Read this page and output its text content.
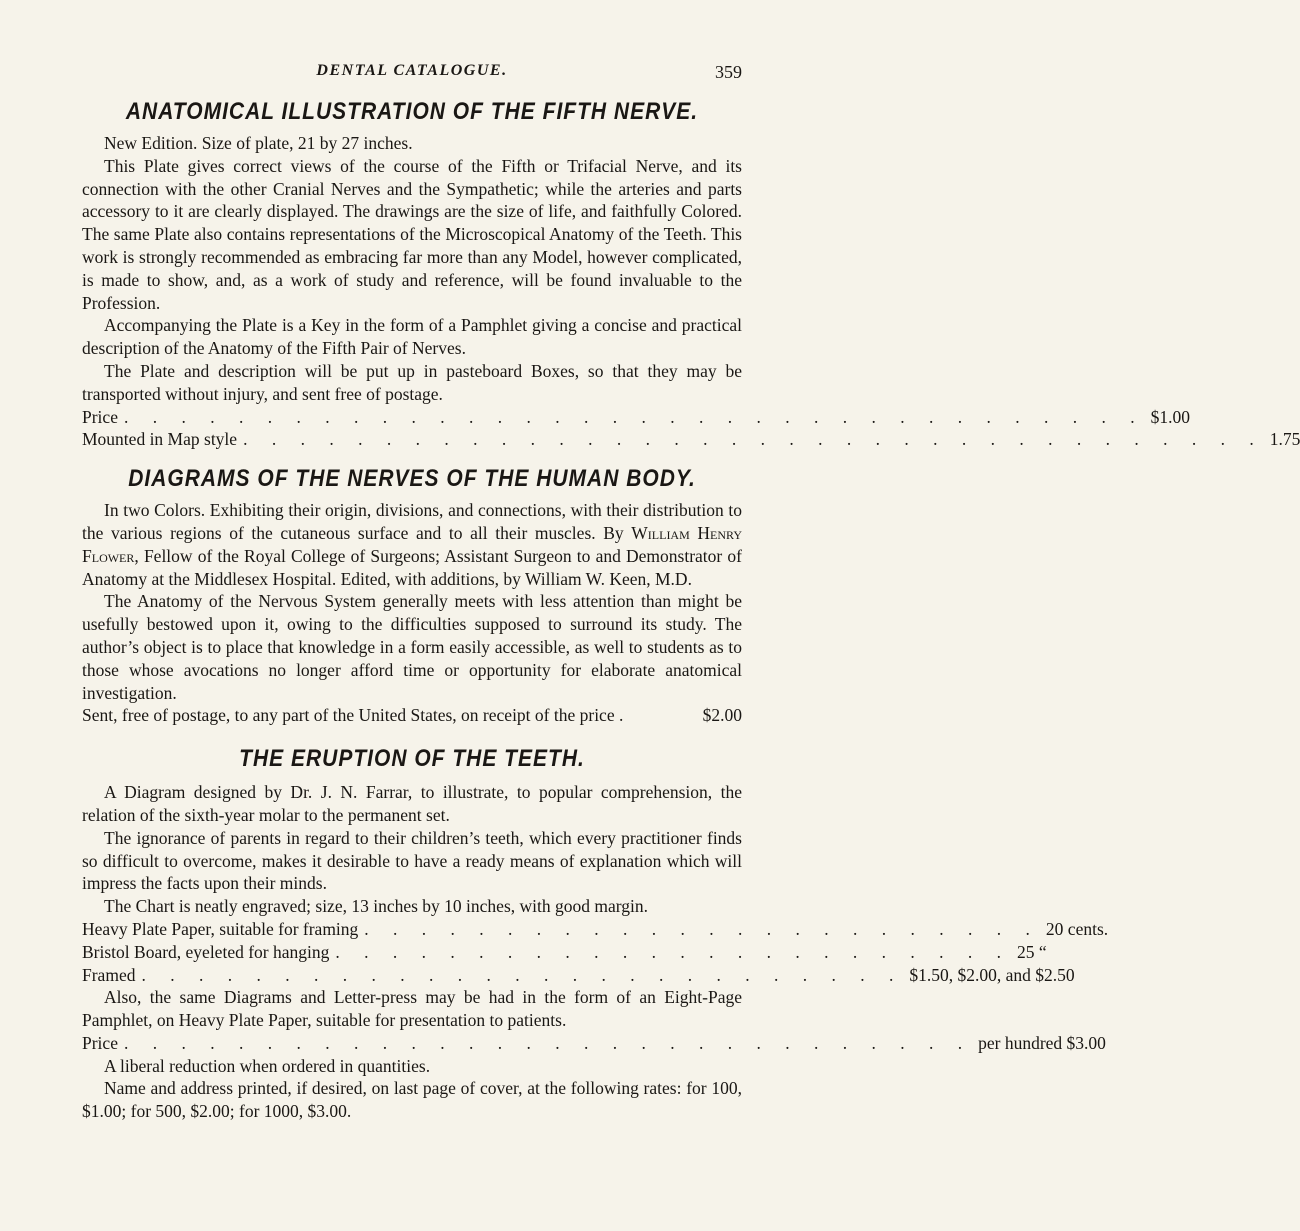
DENTAL CATALOGUE.	359
ANATOMICAL ILLUSTRATION OF THE FIFTH NERVE.

New Edition. Size of plate, 21 by 27 inches.

This Plate gives correct views of the course of the Fifth or Trifacial Nerve, and its connection with the other Cranial Nerves and the Sympathetic; while the arteries and parts accessory to it are clearly displayed. The drawings are the size of life, and faithfully Colored. The same Plate also contains representations of the Microscopical Anatomy of the Teeth. This work is strongly recommended as embracing far more than any Model, however complicated, is made to show, and, as a work of study and reference, will be found invaluable to the Profession.

Accompanying the Plate is a Key in the form of a Pamphlet giving a concise and practical description of the Anatomy of the Fifth Pair of Nerves.

The Plate and description will be put up in pasteboard Boxes, so that they may be transported without injury, and sent free of postage.

Price . . . . . . . . . . . . . . . . . . . . . . . . . . . . . . . . . . . . $1.00
Mounted in Map style . . . . . . . . . . . . . . . . . . . . . . . . . . . . . . . . . . . . 1.75
DIAGRAMS OF THE NERVES OF THE HUMAN BODY.

In two Colors. Exhibiting their origin, divisions, and connections, with their distribution to the various regions of the cutaneous surface and to all their muscles. By William Henry Flower, Fellow of the Royal College of Surgeons; Assistant Surgeon to and Demonstrator of Anatomy at the Middlesex Hospital. Edited, with additions, by William W. Keen, M.D.

The Anatomy of the Nervous System generally meets with less attention than might be usefully bestowed upon it, owing to the difficulties supposed to surround its study. The author’s object is to place that knowledge in a form easily accessible, as well to students as to those whose avocations no longer afford time or opportunity for elaborate anatomical investigation.

Sent, free of postage, to any part of the United States, on receipt of the price .	$2.00
THE ERUPTION OF THE TEETH.

A Diagram designed by Dr. J. N. Farrar, to illustrate, to popular comprehension, the relation of the sixth-year molar to the permanent set.

The ignorance of parents in regard to their children’s teeth, which every practitioner finds so difficult to overcome, makes it desirable to have a ready means of explanation which will impress the facts upon their minds.

The Chart is neatly engraved; size, 13 inches by 10 inches, with good margin.

Heavy Plate Paper, suitable for framing . . . . . . . . . . . . . . . . . . . . . . . . 20 cents.
Bristol Board, eyeleted for hanging . . . . . . . . . . . . . . . . . . . . . . . . 25 “
Framed . . . . . . . . . . . . . . . . . . . . . . . . . . . $1.50, $2.00, and $2.50

Also, the same Diagrams and Letter-press may be had in the form of an Eight-Page Pamphlet, on Heavy Plate Paper, suitable for presentation to patients.

Price . . . . . . . . . . . . . . . . . . . . . . . . . . . . . . per hundred $3.00

A liberal reduction when ordered in quantities.

Name and address printed, if desired, on last page of cover, at the following rates: for 100, $1.00; for 500, $2.00; for 1000, $3.00.
